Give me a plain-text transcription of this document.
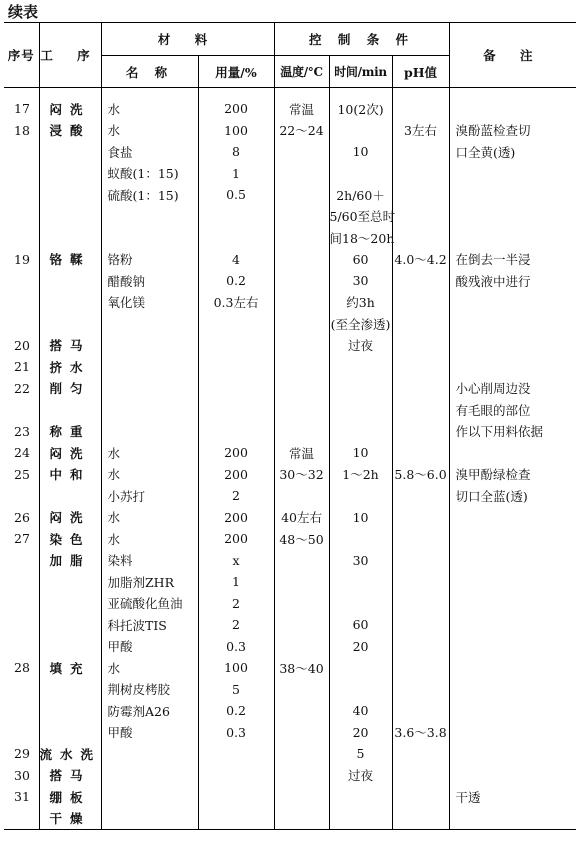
续表
序号	工 序	材 料		控 制 条 件			备 注
		名 称	用量/%	温度/°C	时间/min	pH值	
17	闷洗	水	200	常温	10(2次)		
18	浸酸	水	100	22～24		3左右	溴酚蓝检查切
		食盐	8		10		口全黄(透)
		蚁酸(1：15)	1				
		硫酸(1：15)	0.5		2h/60＋		
					5/60至总时		
					间18～20h		
19	铬鞣	铬粉	4		60	4.0～4.2	在倒去一半浸
		醋酸钠	0.2		30		酸残液中进行
		氧化镁	0.3左右		约3h		
					(至全渗透)		
20	搭马				过夜		
21	挤水						
22	削匀						小心削周边没
							有毛眼的部位
23	称重						作以下用料依据
24	闷洗	水	200	常温	10		
25	中和	水	200	30～32	1～2h	5.8～6.0	溴甲酚绿检查
		小苏打	2				切口全蓝(透)
26	闷洗	水	200	40左右	10		
27	染色	水	200	48～50			
	加脂	染料	x		30		
		加脂剂ZHR	1				
		亚硫酸化鱼油	2				
		科托波TIS	2		60		
		甲酸	0.3		20		
28	填充	水	100	38～40			
		荆树皮栲胶	5				
		防霉剂A26	0.2		40		
		甲酸	0.3		20	3.6～3.8	
29	流水洗				5		
30	搭马				过夜		
31	绷板						干透
	干燥						
